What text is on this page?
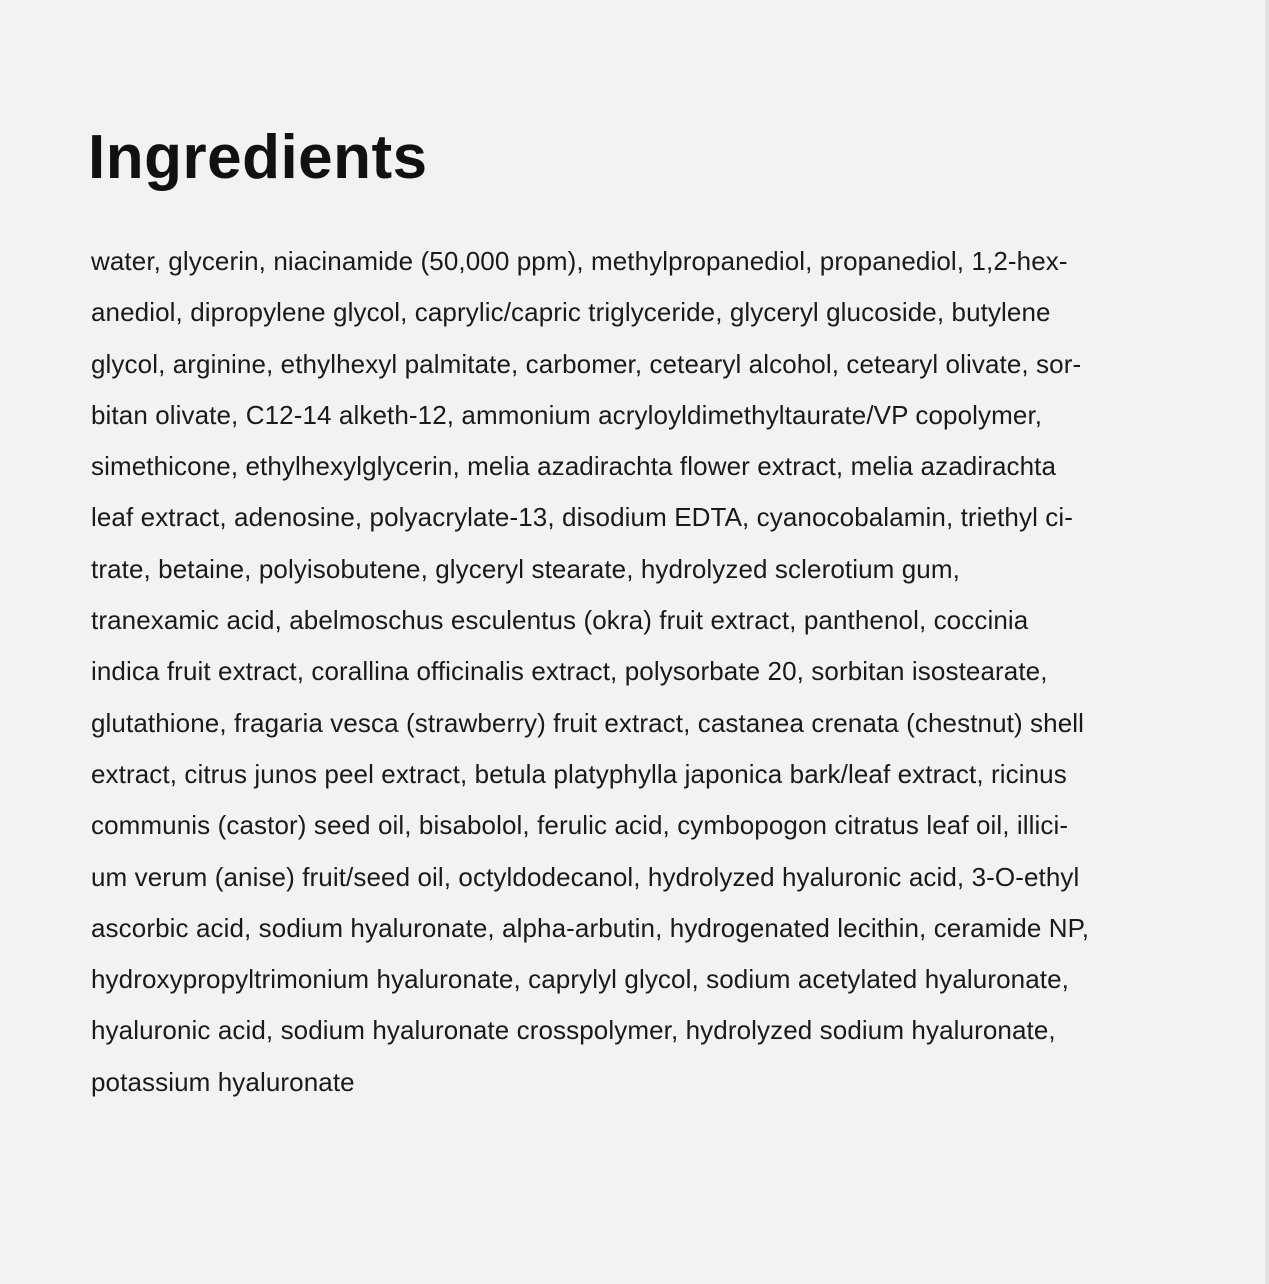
Ingredients
water, glycerin, niacinamide (50,000 ppm), methylpropanediol, propanediol, 1,2-hex-
anediol, dipropylene glycol, caprylic/capric triglyceride, glyceryl glucoside, butylene
glycol, arginine, ethylhexyl palmitate, carbomer, cetearyl alcohol, cetearyl olivate, sor-
bitan olivate, C12-14 alketh-12, ammonium acryloyldimethyltaurate/VP copolymer,
simethicone, ethylhexylglycerin, melia azadirachta flower extract, melia azadirachta
leaf extract, adenosine, polyacrylate-13, disodium EDTA, cyanocobalamin, triethyl ci-
trate, betaine, polyisobutene, glyceryl stearate, hydrolyzed sclerotium gum,
tranexamic acid, abelmoschus esculentus (okra) fruit extract, panthenol, coccinia
indica fruit extract, corallina officinalis extract, polysorbate 20, sorbitan isostearate,
glutathione, fragaria vesca (strawberry) fruit extract, castanea crenata (chestnut) shell
extract, citrus junos peel extract, betula platyphylla japonica bark/leaf extract, ricinus
communis (castor) seed oil, bisabolol, ferulic acid, cymbopogon citratus leaf oil, illici-
um verum (anise) fruit/seed oil, octyldodecanol, hydrolyzed hyaluronic acid, 3-O-ethyl
ascorbic acid, sodium hyaluronate, alpha-arbutin, hydrogenated lecithin, ceramide NP,
hydroxypropyltrimonium hyaluronate, caprylyl glycol, sodium acetylated hyaluronate,
hyaluronic acid, sodium hyaluronate crosspolymer, hydrolyzed sodium hyaluronate,
potassium hyaluronate
